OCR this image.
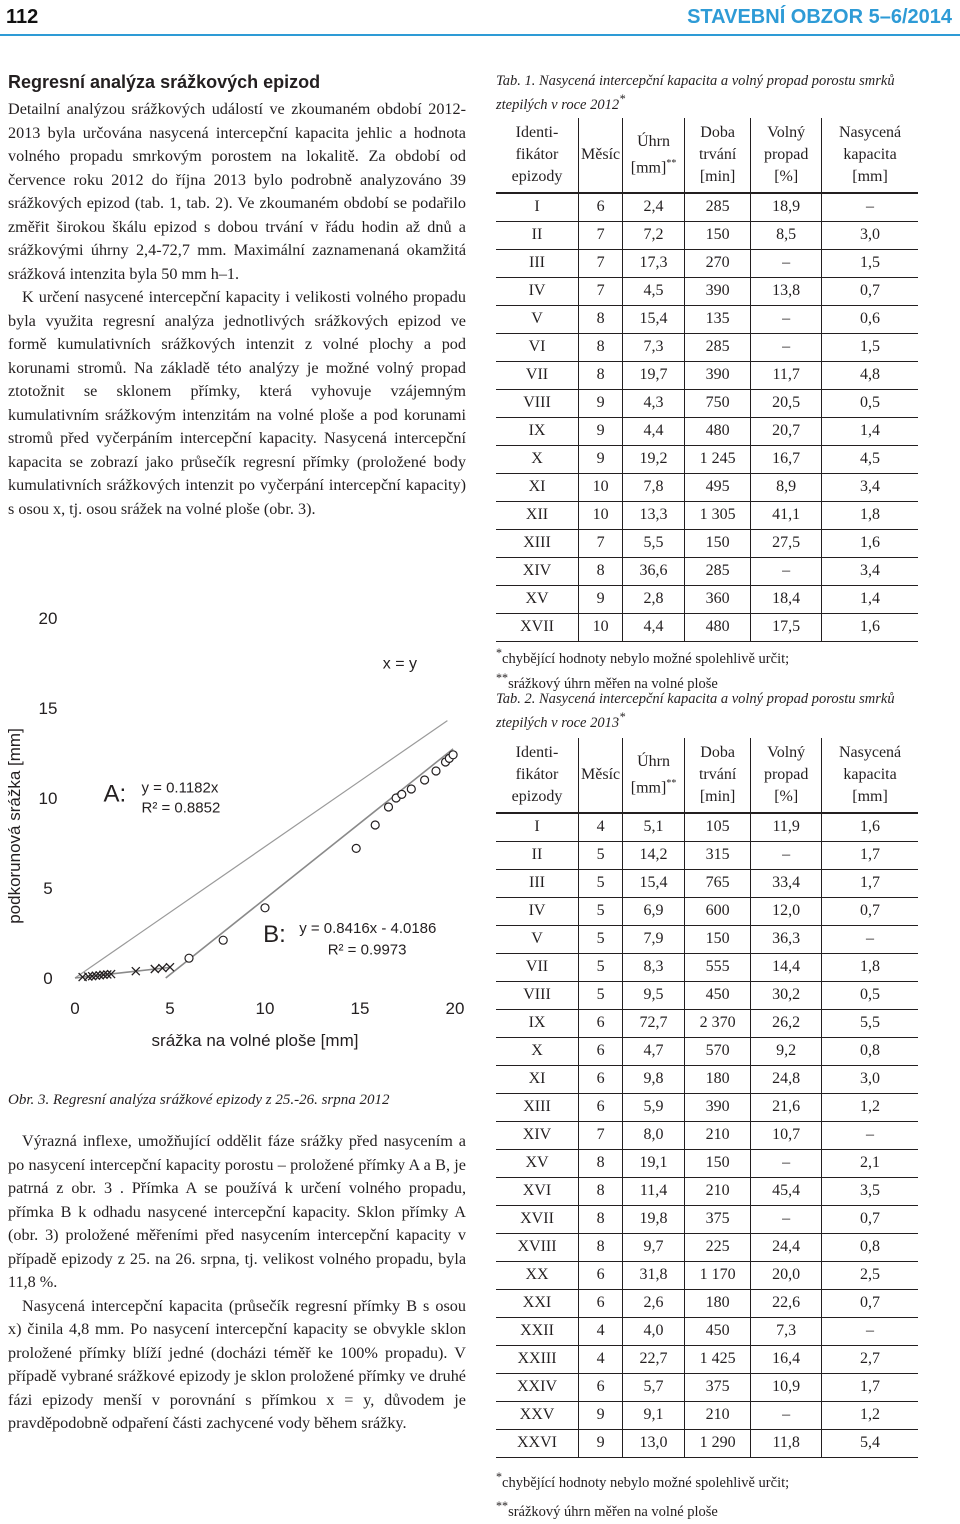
112	STAVEBNÍ OBZOR 5–6/2014
Regresní analýza srážkových epizod

Detailní analýzou srážkových událostí ve zkoumaném období 2012-2013 byla určována nasycená intercepční kapacita jehlic a hodnota volného propadu smrkovým porostem na lokalitě. Za období od července roku 2012 do října 2013 bylo podrobně analyzováno 39 srážkových epizod (tab. 1, tab. 2). Ve zkoumaném období se podařilo změřit širokou škálu epizod s dobou trvání v řádu hodin až dnů a srážkovými úhrny 2,4-72,7 mm. Maximální zaznamenaná okamžitá srážková intenzita byla 50 mm h–1.

K určení nasycené intercepční kapacity i velikosti volného propadu byla využita regresní analýza jednotlivých srážkových epizod ve formě kumulativních srážkových intenzit z volné plochy a pod korunami stromů. Na základě této analýzy je možné volný propad ztotožnit se sklonem přímky, která vyhovuje vzájemným kumulativním srážkovým intenzitám na volné ploše a pod korunami stromů před vyčerpáním intercepční kapacity. Nasycená intercepční kapacita se zobrazí jako průsečík regresní přímky (proložené body kumulativních srážkových intenzit po vyčerpání intercepční kapacity) s osou x, tj. osou srážek na volné ploše (obr. 3).

0
5
10
15
20
0	5	10	15	20
srážka na volné ploše [mm]
podkorunová srážka [mm]
x = y
A: y = 0.1182x
R² = 0.8852
B: y = 0.8416x - 4.0186
R² = 0.9973
Obr. 3. Regresní analýza srážkové epizody z 25.-26. srpna 2012

Výrazná inflexe, umožňující oddělit fáze srážky před nasycením a po nasycení intercepční kapacity porostu – proložené přímky A a B, je patrná z obr. 3 . Přímka A se používá k určení volného propadu, přímka B k odhadu nasycené intercepční kapacity. Sklon přímky A (obr. 3) proložené měřeními před nasycením intercepční kapacity v případě epizody z 25. na 26. srpna, tj. velikost volného propadu, byla 11,8 %.

Nasycená intercepční kapacita (průsečík regresní přímky B s osou x) činila 4,8 mm. Po nasycení intercepční kapacity se obvykle sklon proložené přímky blíží jedné (docházi téměř ke 100% propadu). V případě vybrané srážkové epizody je sklon proložené přímky ve druhé fázi epizody menší v porovnání s přímkou x = y, důvodem je pravděpodobně odpaření části zachycené vody během srážky.

Tab. 1. Nasycená intercepční kapacita a volný propad porostu smrků ztepilých v roce 2012*
Identi-fikátor epizody	Měsíc	Úhrn [mm]**	Doba trvání [min]	Volný propad [%]	Nasycená kapacita [mm]
I	6	2,4	285	18,9	–
II	7	7,2	150	8,5	3,0
III	7	17,3	270	–	1,5
IV	7	4,5	390	13,8	0,7
V	8	15,4	135	–	0,6
VI	8	7,3	285	–	1,5
VII	8	19,7	390	11,7	4,8
VIII	9	4,3	750	20,5	0,5
IX	9	4,4	480	20,7	1,4
X	9	19,2	1 245	16,7	4,5
XI	10	7,8	495	8,9	3,4
XII	10	13,3	1 305	41,1	1,8
XIII	7	5,5	150	27,5	1,6
XIV	8	36,6	285	–	3,4
XV	9	2,8	360	18,4	1,4
XVII	10	4,4	480	17,5	1,6
*chybějící hodnoty nebylo možné spolehlivě určit;
**srážkový úhrn měřen na volné ploše
Tab. 2. Nasycená intercepční kapacita a volný propad porostu smrků ztepilých v roce 2013*
Identi-fikátor epizody	Měsíc	Úhrn [mm]**	Doba trvání [min]	Volný propad [%]	Nasycená kapacita [mm]
I	4	5,1	105	11,9	1,6
II	5	14,2	315	–	1,7
III	5	15,4	765	33,4	1,7
IV	5	6,9	600	12,0	0,7
V	5	7,9	150	36,3	–
VII	5	8,3	555	14,4	1,8
VIII	5	9,5	450	30,2	0,5
IX	6	72,7	2 370	26,2	5,5
X	6	4,7	570	9,2	0,8
XI	6	9,8	180	24,8	3,0
XIII	6	5,9	390	21,6	1,2
XIV	7	8,0	210	10,7	–
XV	8	19,1	150	–	2,1
XVI	8	11,4	210	45,4	3,5
XVII	8	19,8	375	–	0,7
XVIII	8	9,7	225	24,4	0,8
XX	6	31,8	1 170	20,0	2,5
XXI	6	2,6	180	22,6	0,7
XXII	4	4,0	450	7,3	–
XXIII	4	22,7	1 425	16,4	2,7
XXIV	6	5,7	375	10,9	1,7
XXV	9	9,1	210	–	1,2
XXVI	9	13,0	1 290	11,8	5,4
*chybějící hodnoty nebylo možné spolehlivě určit;
**srážkový úhrn měřen na volné ploše
